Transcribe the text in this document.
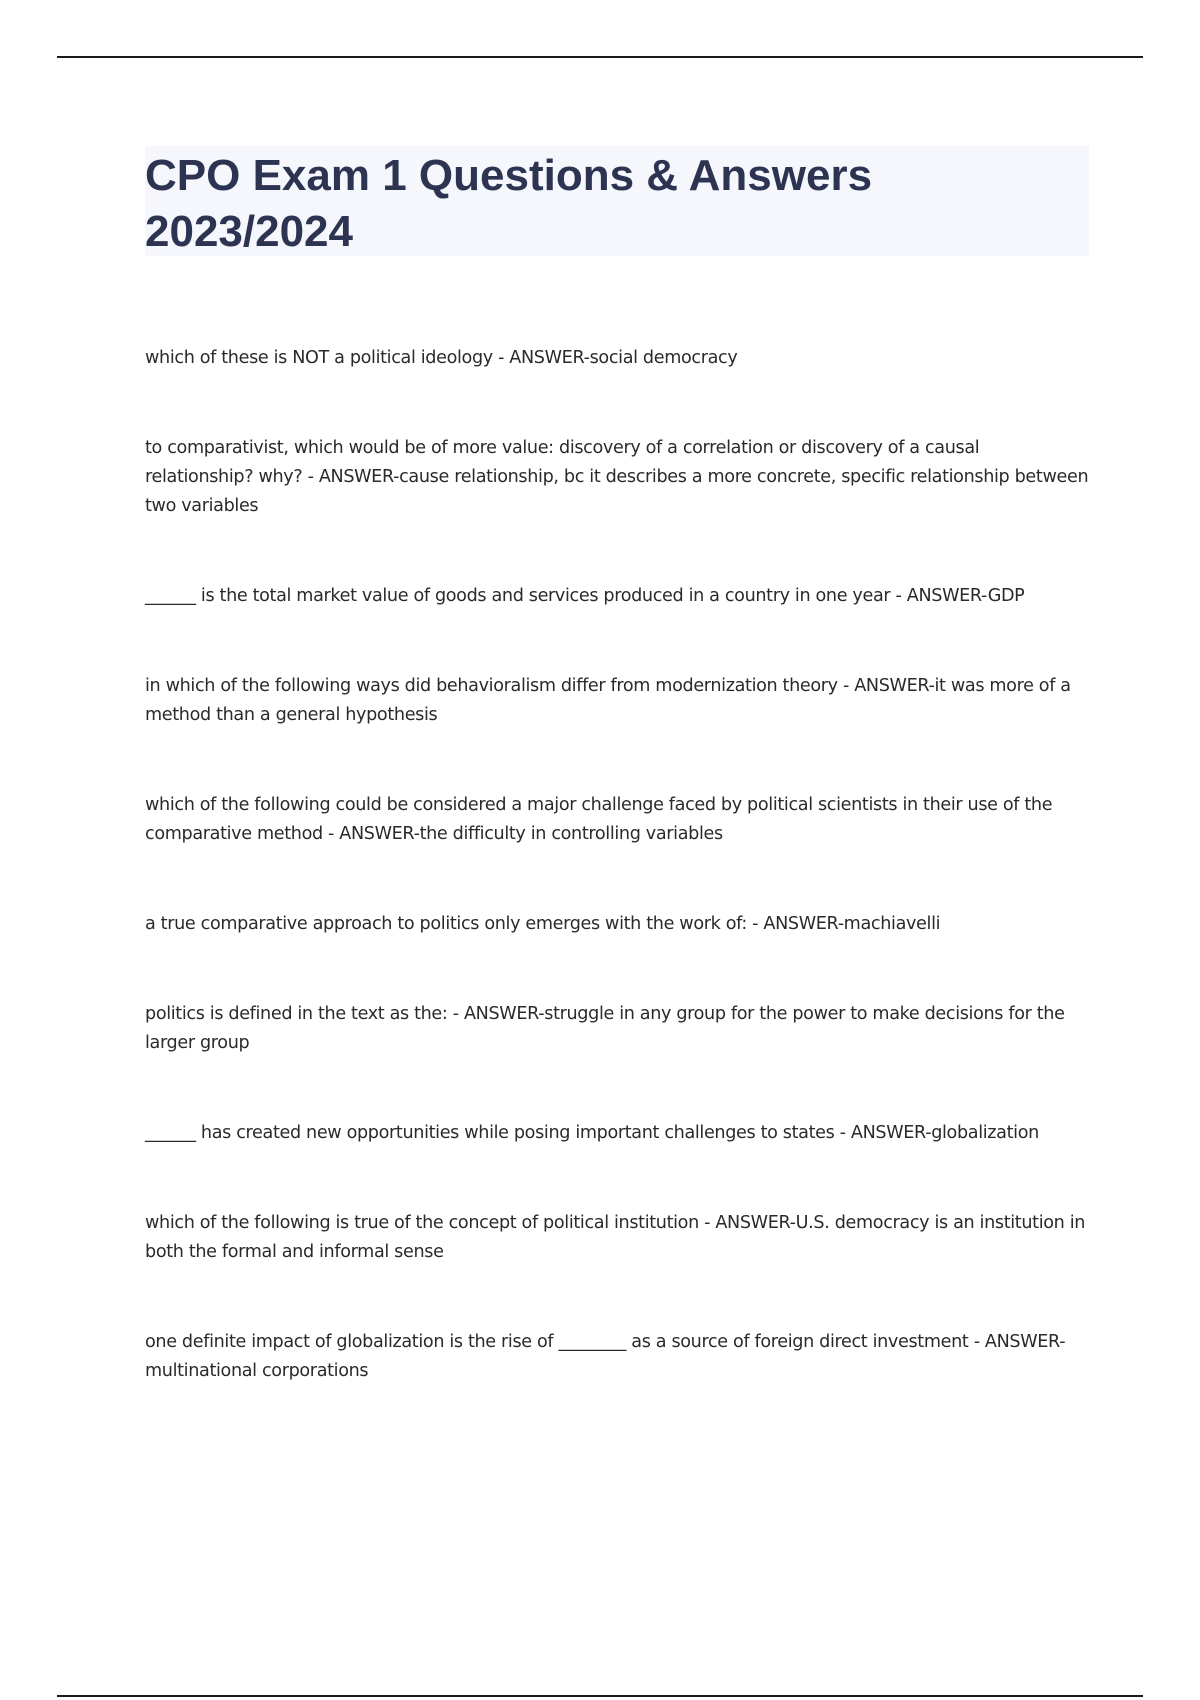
CPO Exam 1 Questions & Answers 2023/2024
which of these is NOT a political ideology - ANSWER-social democracy
to comparativist, which would be of more value: discovery of a correlation or discovery of a causal relationship? why? - ANSWER-cause relationship, bc it describes a more concrete, specific relationship between two variables
______ is the total market value of goods and services produced in a country in one year - ANSWER-GDP
in which of the following ways did behavioralism differ from modernization theory - ANSWER-it was more of a method than a general hypothesis
which of the following could be considered a major challenge faced by political scientists in their use of the comparative method - ANSWER-the difficulty in controlling variables
a true comparative approach to politics only emerges with the work of: - ANSWER-machiavelli
politics is defined in the text as the: - ANSWER-struggle in any group for the power to make decisions for the larger group
______ has created new opportunities while posing important challenges to states - ANSWER-globalization
which of the following is true of the concept of political institution - ANSWER-U.S. democracy is an institution in both the formal and informal sense
one definite impact of globalization is the rise of ________ as a source of foreign direct investment - ANSWER-multinational corporations
